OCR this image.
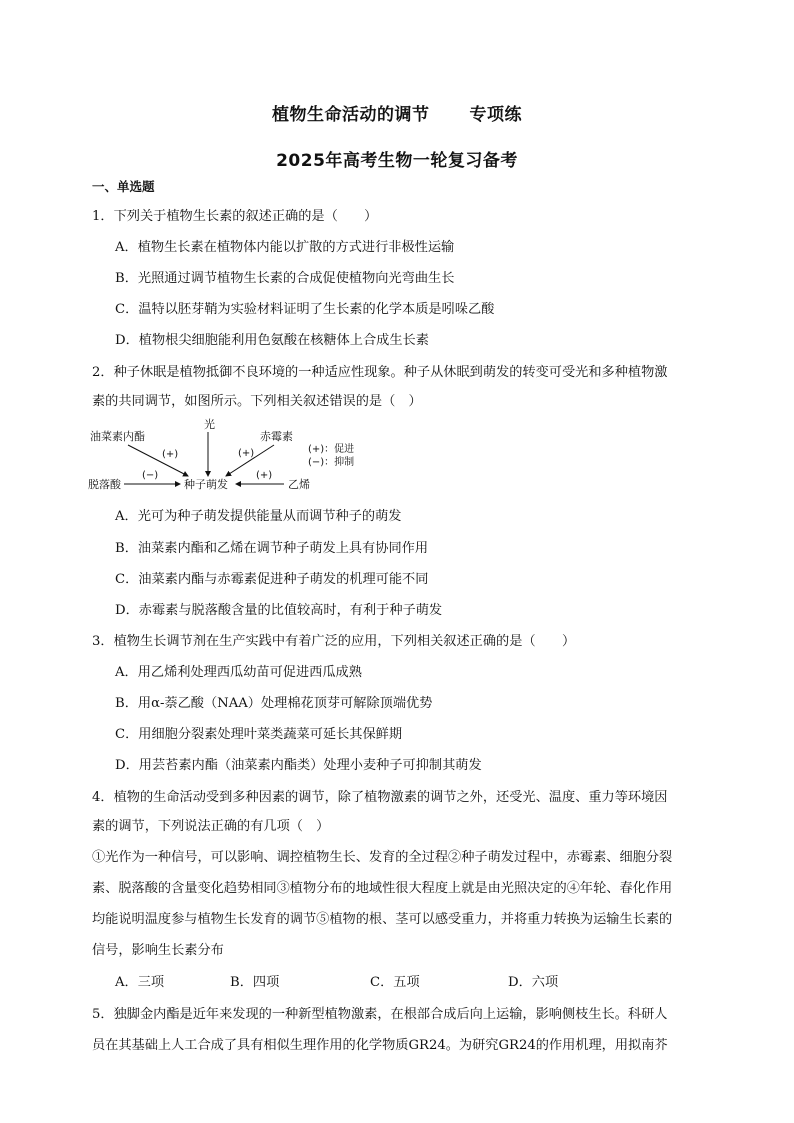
植物生命活动的调节 专项练
2025年高考生物一轮复习备考
一、单选题
1．下列关于植物生长素的叙述正确的是（　　）
A．植物生长素在植物体内能以扩散的方式进行非极性运输
B．光照通过调节植物生长素的合成促使植物向光弯曲生长
C．温特以胚芽鞘为实验材料证明了生长素的化学本质是吲哚乙酸
D．植物根尖细胞能利用色氨酸在核糖体上合成生长素
2．种子休眠是植物抵御不良环境的一种适应性现象。种子从休眠到萌发的转变可受光和多种植物激
素的共同调节，如图所示。下列相关叙述错误的是（　）
油菜素内酯
光
赤霉素
脱落酸	种子萌发	乙烯
(+)：促进
(−)：抑制
(+)	(+)
(−)	(+)
A．光可为种子萌发提供能量从而调节种子的萌发
B．油菜素内酯和乙烯在调节种子萌发上具有协同作用
C．油菜素内酯与赤霉素促进种子萌发的机理可能不同
D．赤霉素与脱落酸含量的比值较高时，有利于种子萌发
3．植物生长调节剂在生产实践中有着广泛的应用，下列相关叙述正确的是（　　）
A．用乙烯利处理西瓜幼苗可促进西瓜成熟
B．用α-萘乙酸（NAA）处理棉花顶芽可解除顶端优势
C．用细胞分裂素处理叶菜类蔬菜可延长其保鲜期
D．用芸苔素内酯（油菜素内酯类）处理小麦种子可抑制其萌发
4．植物的生命活动受到多种因素的调节，除了植物激素的调节之外，还受光、温度、重力等环境因
素的调节，下列说法正确的有几项（　）
①光作为一种信号，可以影响、调控植物生长、发育的全过程②种子萌发过程中，赤霉素、细胞分裂
素、脱落酸的含量变化趋势相同③植物分布的地域性很大程度上就是由光照决定的④年轮、春化作用
均能说明温度参与植物生长发育的调节⑤植物的根、茎可以感受重力，并将重力转换为运输生长素的
信号，影响生长素分布
A．三项	B．四项	C．五项	D．六项
5．独脚金内酯是近年来发现的一种新型植物激素，在根部合成后向上运输，影响侧枝生长。科研人
员在其基础上人工合成了具有相似生理作用的化学物质GR24。为研究GR24的作用机理，用拟南芥
